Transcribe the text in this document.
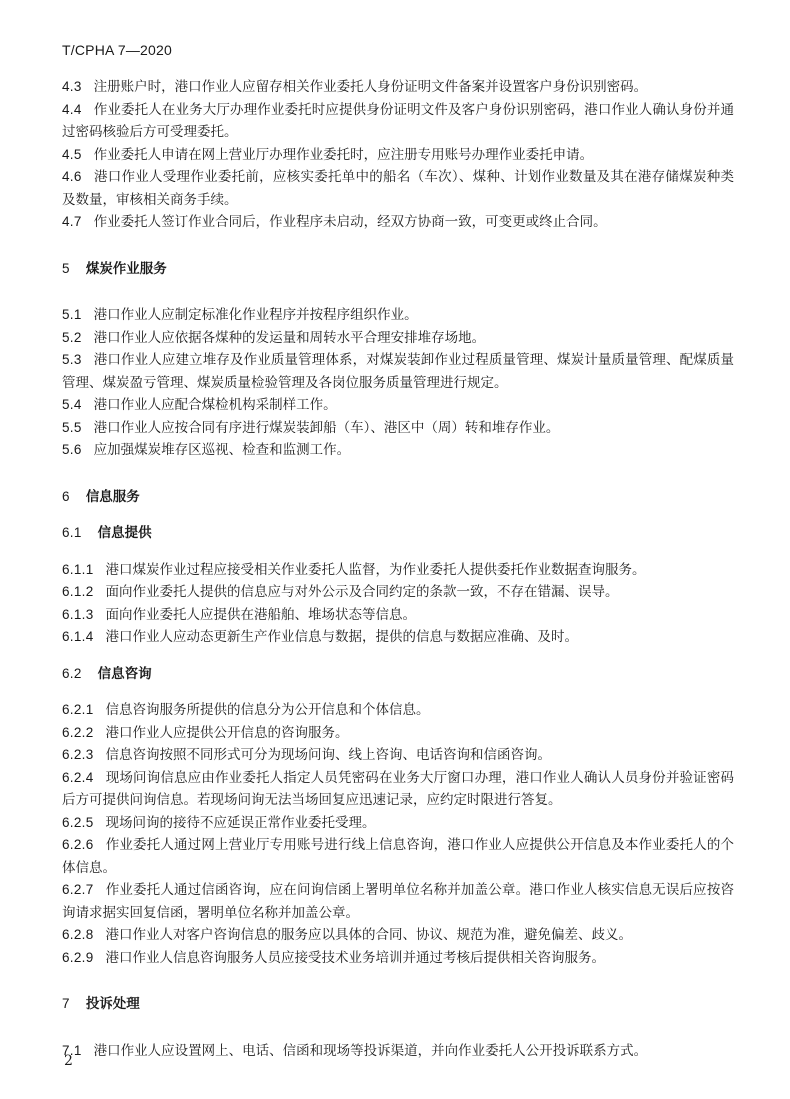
T/CPHA 7—2020

4.3 注册账户时，港口作业人应留存相关作业委托人身份证明文件备案并设置客户身份识别密码。

4.4 作业委托人在业务大厅办理作业委托时应提供身份证明文件及客户身份识别密码，港口作业人确认身份并通过密码核验后方可受理委托。

4.5 作业委托人申请在网上营业厅办理作业委托时，应注册专用账号办理作业委托申请。

4.6 港口作业人受理作业委托前，应核实委托单中的船名（车次）、煤种、计划作业数量及其在港存储煤炭种类及数量，审核相关商务手续。

4.7 作业委托人签订作业合同后，作业程序未启动，经双方协商一致，可变更或终止合同。

5 煤炭作业服务

5.1 港口作业人应制定标准化作业程序并按程序组织作业。

5.2 港口作业人应依据各煤种的发运量和周转水平合理安排堆存场地。

5.3 港口作业人应建立堆存及作业质量管理体系，对煤炭装卸作业过程质量管理、煤炭计量质量管理、配煤质量管理、煤炭盈亏管理、煤炭质量检验管理及各岗位服务质量管理进行规定。

5.4 港口作业人应配合煤检机构采制样工作。

5.5 港口作业人应按合同有序进行煤炭装卸船（车）、港区中（周）转和堆存作业。

5.6 应加强煤炭堆存区巡视、检查和监测工作。

6 信息服务

6.1 信息提供

6.1.1 港口煤炭作业过程应接受相关作业委托人监督，为作业委托人提供委托作业数据查询服务。

6.1.2 面向作业委托人提供的信息应与对外公示及合同约定的条款一致，不存在错漏、误导。

6.1.3 面向作业委托人应提供在港船舶、堆场状态等信息。

6.1.4 港口作业人应动态更新生产作业信息与数据，提供的信息与数据应准确、及时。

6.2 信息咨询

6.2.1 信息咨询服务所提供的信息分为公开信息和个体信息。

6.2.2 港口作业人应提供公开信息的咨询服务。

6.2.3 信息咨询按照不同形式可分为现场问询、线上咨询、电话咨询和信函咨询。

6.2.4 现场问询信息应由作业委托人指定人员凭密码在业务大厅窗口办理，港口作业人确认人员身份并验证密码后方可提供问询信息。若现场问询无法当场回复应迅速记录，应约定时限进行答复。

6.2.5 现场问询的接待不应延误正常作业委托受理。

6.2.6 作业委托人通过网上营业厅专用账号进行线上信息咨询，港口作业人应提供公开信息及本作业委托人的个体信息。

6.2.7 作业委托人通过信函咨询，应在问询信函上署明单位名称并加盖公章。港口作业人核实信息无误后应按咨询请求据实回复信函，署明单位名称并加盖公章。

6.2.8 港口作业人对客户咨询信息的服务应以具体的合同、协议、规范为准，避免偏差、歧义。

6.2.9 港口作业人信息咨询服务人员应接受技术业务培训并通过考核后提供相关咨询服务。

7 投诉处理

7.1 港口作业人应设置网上、电话、信函和现场等投诉渠道，并向作业委托人公开投诉联系方式。

2
